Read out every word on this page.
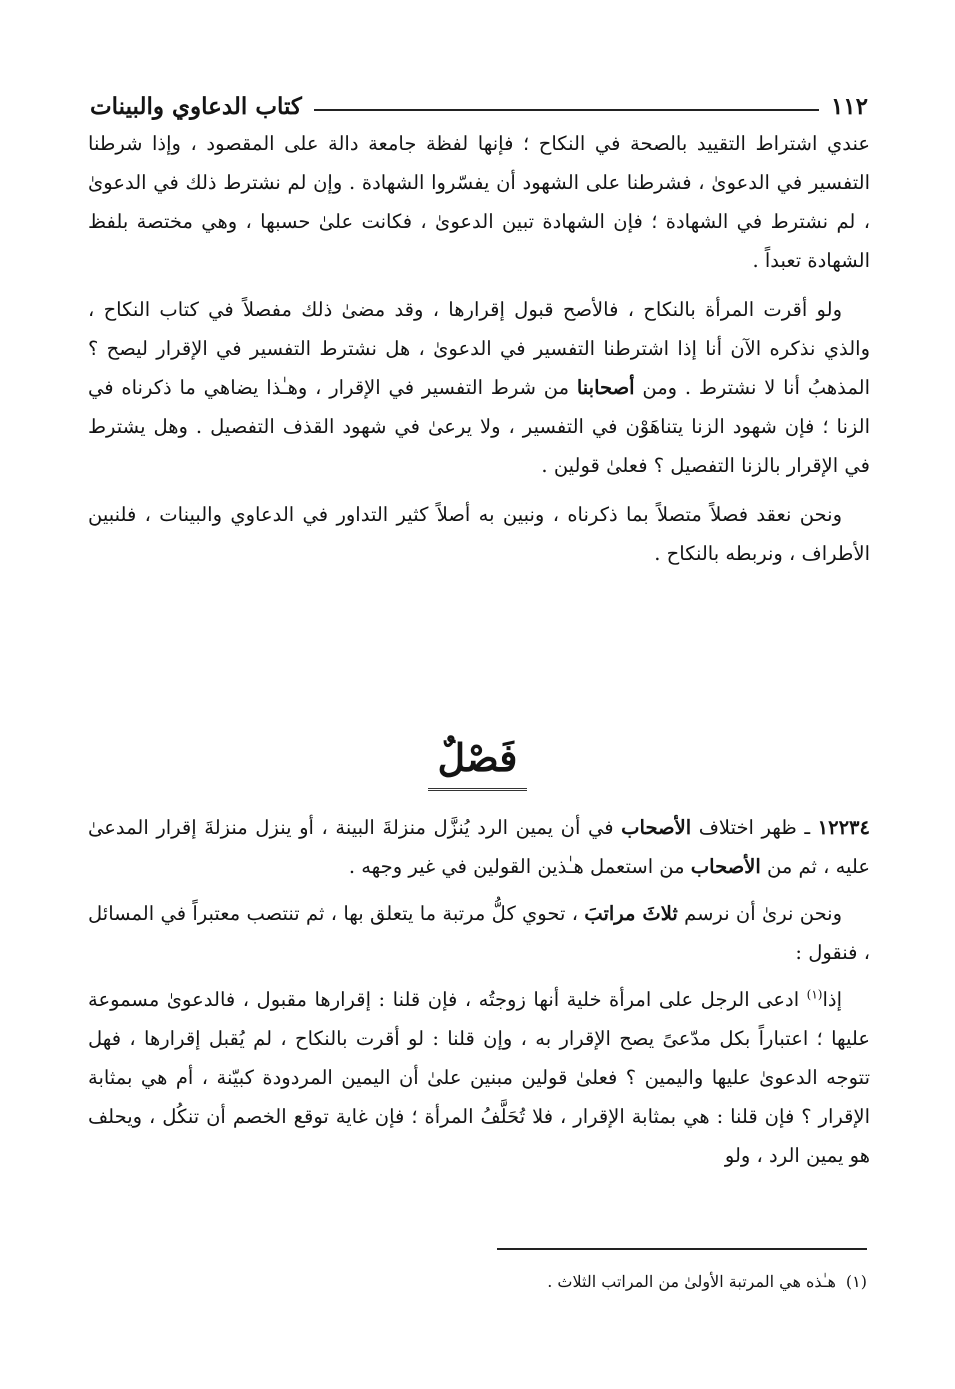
١١٢
كتاب الدعاوي والبينات

عندي اشتراط التقييد بالصحة في النكاح ؛ فإنها لفظة جامعة دالة على المقصود ، وإذا شرطنا التفسير في الدعوىٰ ، فشرطنا على الشهود أن يفسّروا الشهادة . وإن لم نشترط ذلك في الدعوىٰ ، لم نشترط في الشهادة ؛ فإن الشهادة تبين الدعوىٰ ، فكانت علىٰ حسبها ، وهي مختصة بلفظ الشهادة تعبداً .

ولو أقرت المرأة بالنكاح ، فالأصح قبول إقرارها ، وقد مضىٰ ذلك مفصلاً في كتاب النكاح ، والذي نذكره الآن أنا إذا اشترطنا التفسير في الدعوىٰ ، هل نشترط التفسير في الإقرار ليصح ؟ المذهبُ أنا لا نشترط . ومن أصحابنا من شرط التفسير في الإقرار ، وهـٰذا يضاهي ما ذكرناه في الزنا ؛ فإن شهود الزنا يتناهَوْن في التفسير ، ولا يرعىٰ في شهود القذف التفصيل . وهل يشترط في الإقرار بالزنا التفصيل ؟ فعلىٰ قولين .

ونحن نعقد فصلاً متصلاً بما ذكرناه ، ونبين به أصلاً كثير التداور في الدعاوي والبينات ، فلنبين الأطراف ، ونربطه بالنكاح .

فَصْلٌ

١٢٢٣٤ ـ ظهر اختلاف الأصحاب في أن يمين الرد يُنزَّل منزلةَ البينة ، أو ينزل منزلةَ إقرار المدعىٰ عليه ، ثم من الأصحاب من استعمل هـٰذين القولين في غير وجهه .

ونحن نرىٰ أن نرسم ثلاثَ مراتبَ ، تحوي كلُّ مرتبة ما يتعلق بها ، ثم تنتصب معتبراً في المسائل ، فنقول :

إذا$^{(١)}$ ادعى الرجل على امرأة خلية أنها زوجتُه ، فإن قلنا : إقرارها مقبول ، فالدعوىٰ مسموعة عليها ؛ اعتباراً بكل مدّعىً يصح الإقرار به ، وإن قلنا : لو أقرت بالنكاح ، لم يُقبل إقرارها ، فهل تتوجه الدعوىٰ عليها واليمين ؟ فعلىٰ قولين مبنين علىٰ أن اليمين المردودة كبيّنة ، أم هي بمثابة الإقرار ؟ فإن قلنا : هي بمثابة الإقرار ، فلا تُحَلَّفُ المرأة ؛ فإن غاية توقع الخصم أن تنكُل ، ويحلف هو يمين الرد ، ولو

(١)هـٰذه هي المرتبة الأولىٰ من المراتب الثلاث .
